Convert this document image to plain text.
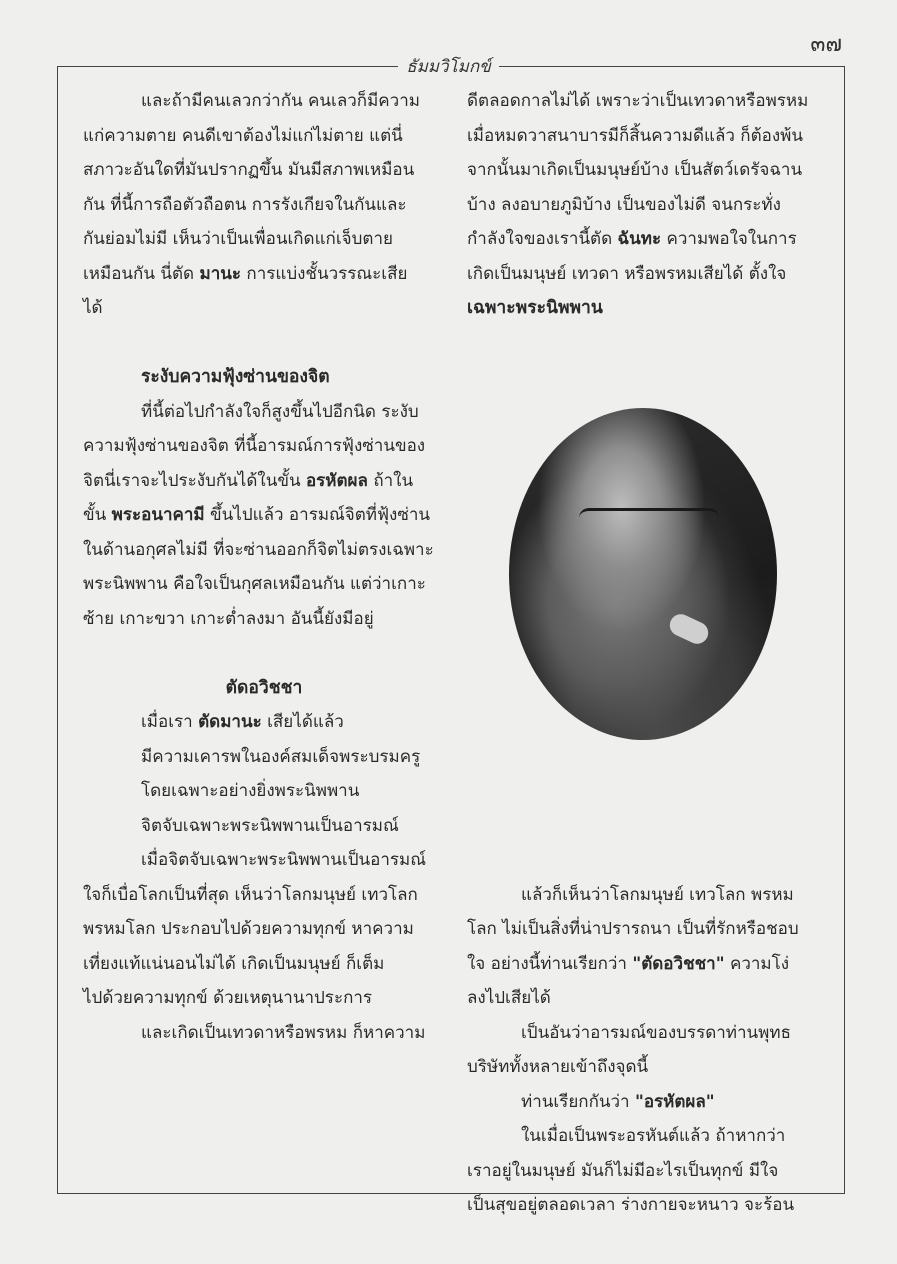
๓๗
ธัมมวิโมกข์
และถ้ามีคนเลวกว่ากัน คนเลวก็มีความ
แก่ความตาย คนดีเขาต้องไม่แก่ไม่ตาย แต่นี่
สภาวะอันใดที่มันปรากฏขึ้น มันมีสภาพเหมือน
กัน ที่นี้การถือตัวถือตน การรังเกียจในกันและ
กันย่อมไม่มี เห็นว่าเป็นเพื่อนเกิดแก่เจ็บตาย
เหมือนกัน นี่ตัด มานะ การแบ่งชั้นวรรณะเสีย
ได้
ระงับความฟุ้งซ่านของจิต
ที่นี้ต่อไปกำลังใจก็สูงขึ้นไปอีกนิด ระงับ
ความฟุ้งซ่านของจิต ที่นี้อารมณ์การฟุ้งซ่านของ
จิตนี่เราจะไประงับกันได้ในขั้น อรหัตผล ถ้าใน
ขั้น พระอนาคามี ขึ้นไปแล้ว อารมณ์จิตที่ฟุ้งซ่าน
ในด้านอกุศลไม่มี ที่จะซ่านออกก็จิตไม่ตรงเฉพาะ
พระนิพพาน คือใจเป็นกุศลเหมือนกัน แต่ว่าเกาะ
ซ้าย เกาะขวา เกาะต่ำลงมา อันนี้ยังมีอยู่
ตัดอวิชชา
เมื่อเรา ตัดมานะ เสียได้แล้ว
มีความเคารพในองค์สมเด็จพระบรมครู
โดยเฉพาะอย่างยิ่งพระนิพพาน
จิตจับเฉพาะพระนิพพานเป็นอารมณ์
เมื่อจิตจับเฉพาะพระนิพพานเป็นอารมณ์
ใจก็เบื่อโลกเป็นที่สุด เห็นว่าโลกมนุษย์ เทวโลก
พรหมโลก ประกอบไปด้วยความทุกข์ หาความ
เที่ยงแท้แน่นอนไม่ได้ เกิดเป็นมนุษย์ ก็เต็ม
ไปด้วยความทุกข์ ด้วยเหตุนานาประการ
และเกิดเป็นเทวดาหรือพรหม ก็หาความ
ดีตลอดกาลไม่ได้ เพราะว่าเป็นเทวดาหรือพรหม
เมื่อหมดวาสนาบารมีก็สิ้นความดีแล้ว ก็ต้องพ้น
จากนั้นมาเกิดเป็นมนุษย์บ้าง เป็นสัตว์เดรัจฉาน
บ้าง ลงอบายภูมิบ้าง เป็นของไม่ดี จนกระทั่ง
กำลังใจของเรานี้ตัด ฉันทะ ความพอใจในการ
เกิดเป็นมนุษย์ เทวดา หรือพรหมเสียได้ ตั้งใจ
เฉพาะพระนิพพาน
แล้วก็เห็นว่าโลกมนุษย์ เทวโลก พรหม
โลก ไม่เป็นสิ่งที่น่าปรารถนา เป็นที่รักหรือชอบ
ใจ อย่างนี้ท่านเรียกว่า "ตัดอวิชชา" ความโง่
ลงไปเสียได้
เป็นอันว่าอารมณ์ของบรรดาท่านพุทธ
บริษัททั้งหลายเข้าถึงจุดนี้
ท่านเรียกกันว่า "อรหัตผล"
ในเมื่อเป็นพระอรหันต์แล้ว ถ้าหากว่า
เราอยู่ในมนุษย์ มันก็ไม่มีอะไรเป็นทุกข์ มีใจ
เป็นสุขอยู่ตลอดเวลา ร่างกายจะหนาว จะร้อน
